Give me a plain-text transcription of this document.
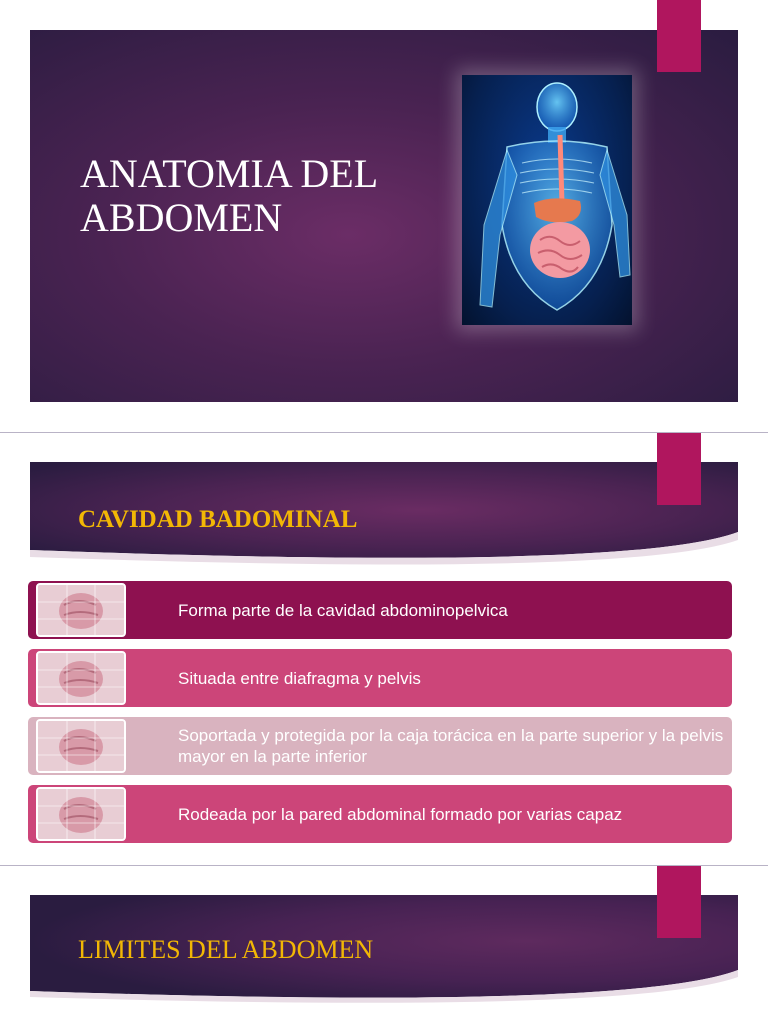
ANATOMIA DEL ABDOMEN
CAVIDAD BADOMINAL
Forma parte de la cavidad abdominopelvica
Situada entre diafragma y pelvis
Soportada y protegida por la caja torácica en la parte superior y la pelvis mayor en la parte inferior
Rodeada por la pared abdominal formado por varias capaz
LIMITES DEL ABDOMEN
